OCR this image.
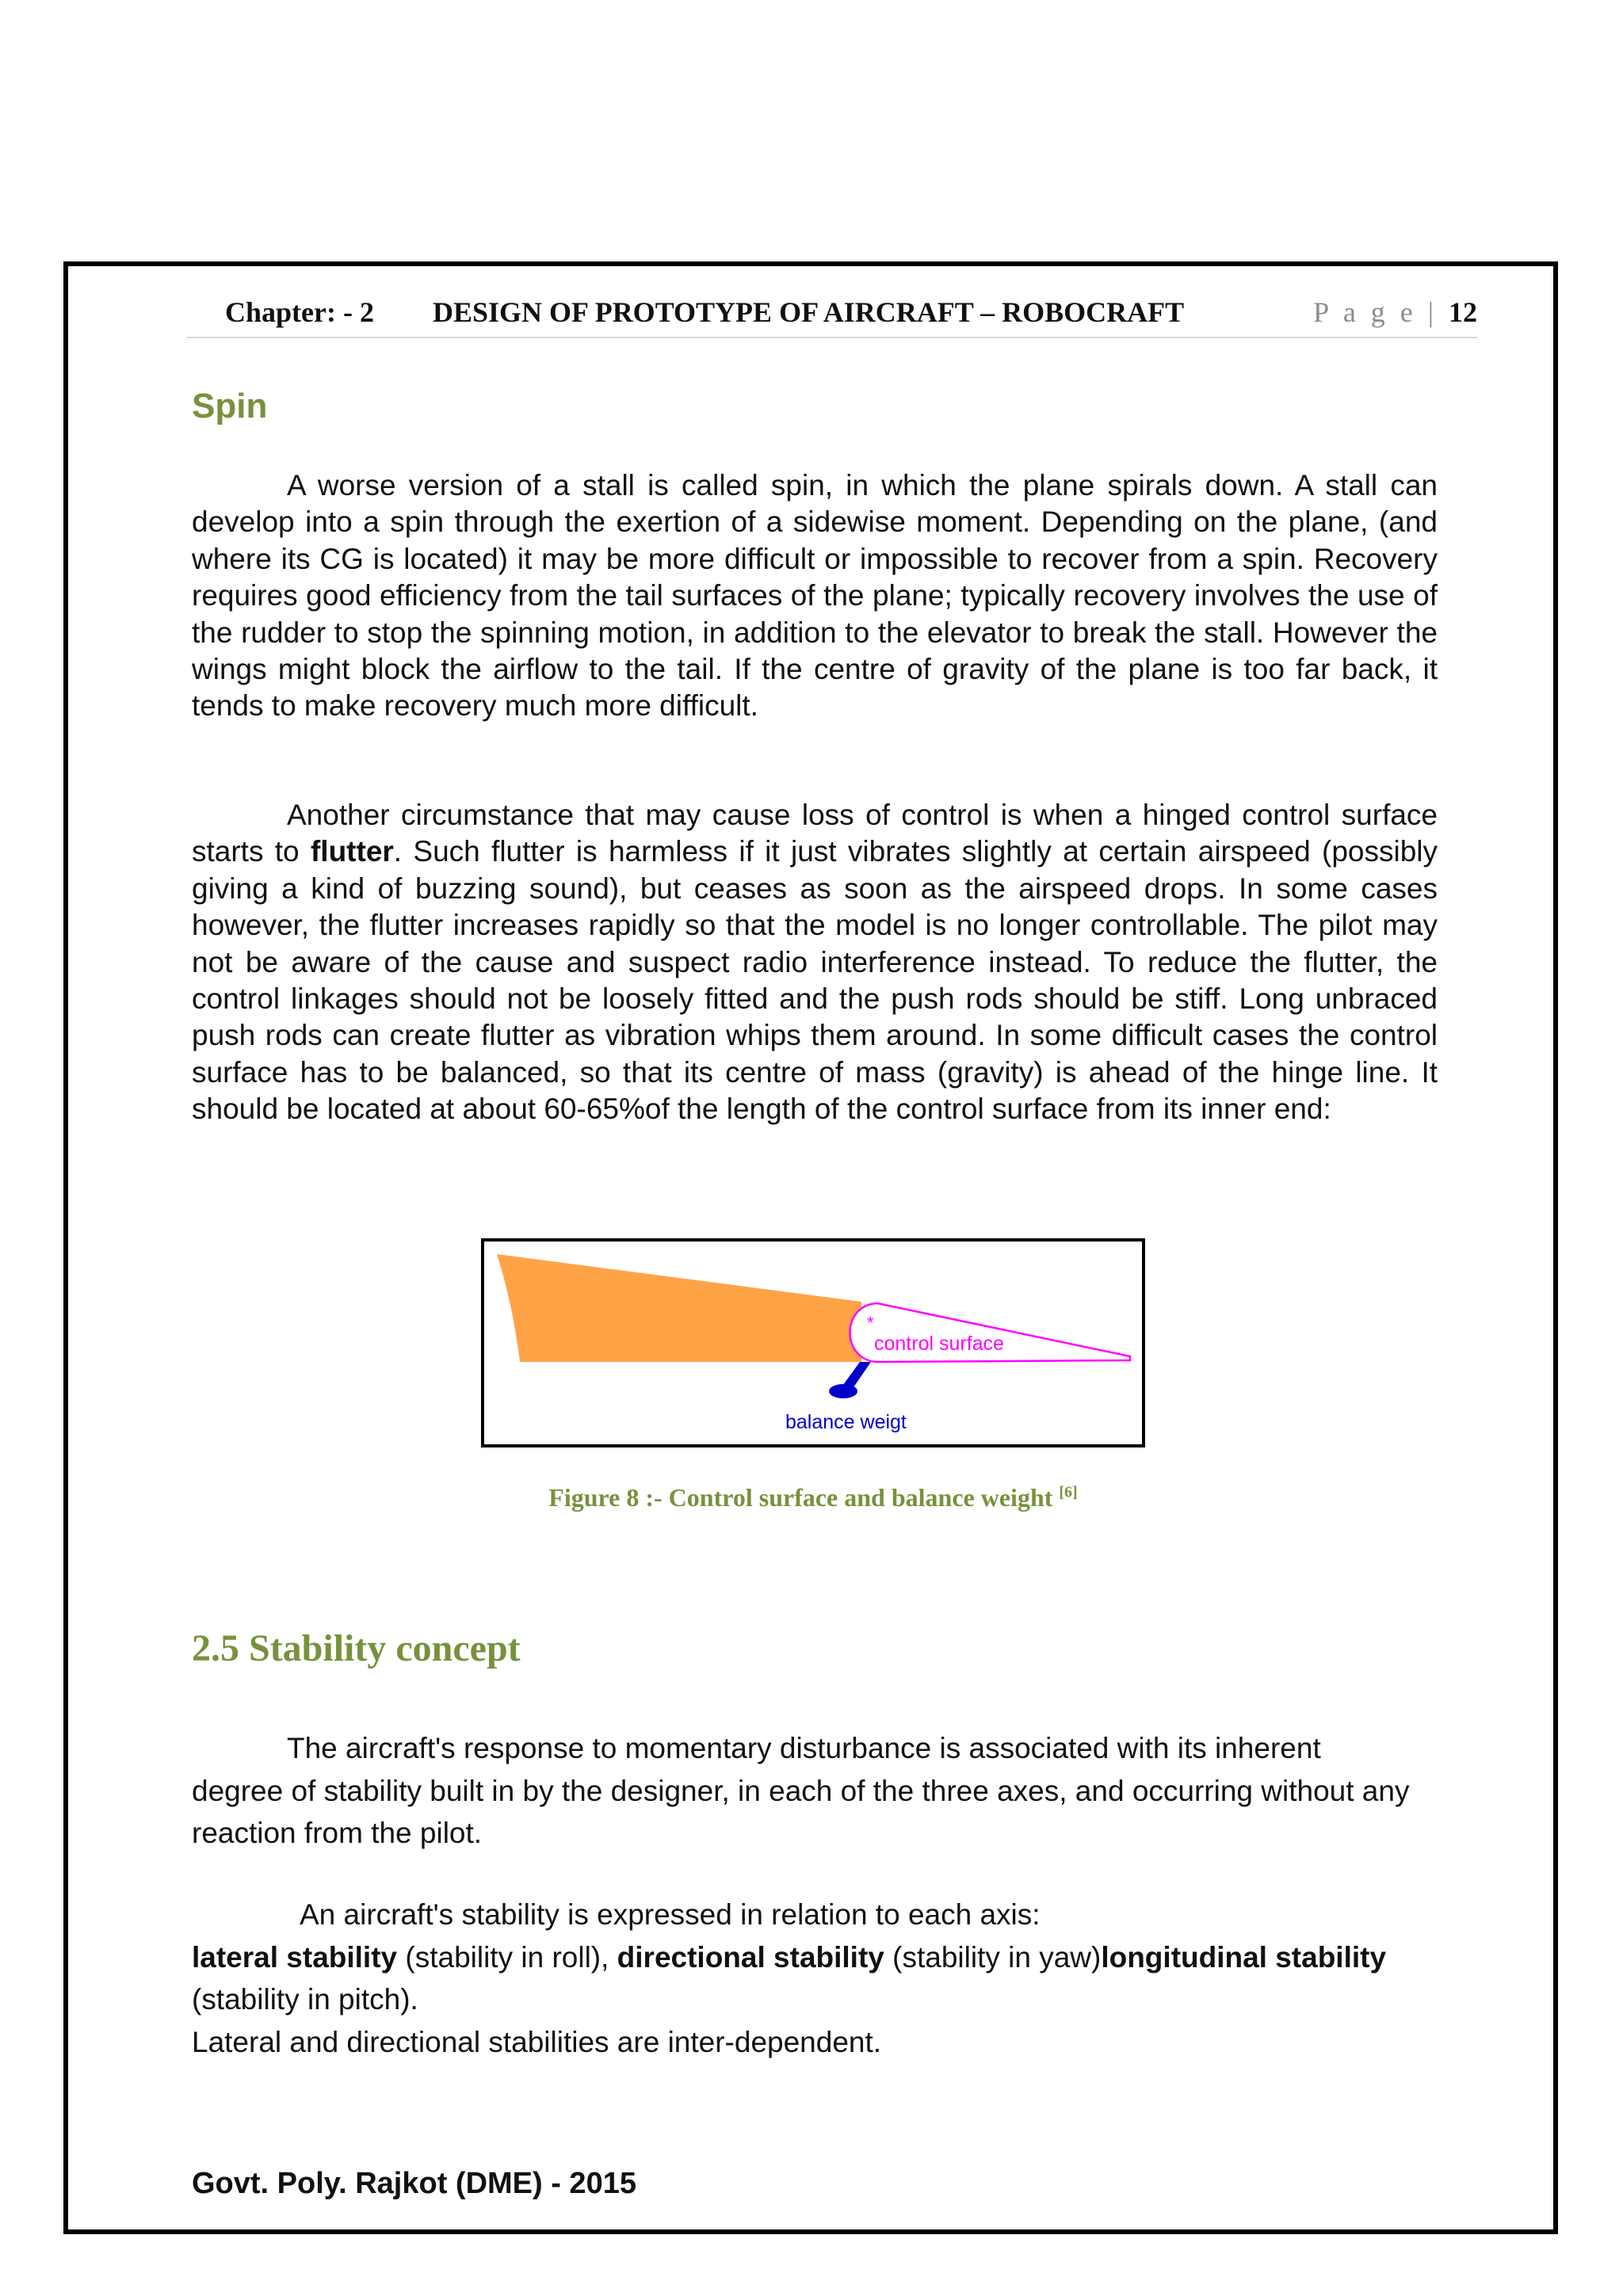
Chapter: - 2 DESIGN OF PROTOTYPE OF AIRCRAFT – ROBOCRAFT	P a g e | 12
Spin

A worse version of a stall is called spin, in which the plane spirals down. A stall can develop into a spin through the exertion of a sidewise moment. Depending on the plane, (and where its CG is located) it may be more difficult or impossible to recover from a spin. Recovery requires good efficiency from the tail surfaces of the plane; typically recovery involves the use of the rudder to stop the spinning motion, in addition to the elevator to break the stall. However the wings might block the airflow to the tail. If the centre of gravity of the plane is too far back, it tends to make recovery much more difficult.

Another circumstance that may cause loss of control is when a hinged control surface starts to flutter. Such flutter is harmless if it just vibrates slightly at certain airspeed (possibly giving a kind of buzzing sound), but ceases as soon as the airspeed drops. In some cases however, the flutter increases rapidly so that the model is no longer controllable. The pilot may not be aware of the cause and suspect radio interference instead. To reduce the flutter, the control linkages should not be loosely fitted and the push rods should be stiff. Long unbraced push rods can create flutter as vibration whips them around. In some difficult cases the control surface has to be balanced, so that its centre of mass (gravity) is ahead of the hinge line. It should be located at about 60-65%of the length of the control surface from its inner end:

*
control surface
balance weigt
Figure 8 :- Control surface and balance weight [6]
2.5 Stability concept

The aircraft's response to momentary disturbance is associated with its inherent degree of stability built in by the designer, in each of the three axes, and occurring without any reaction from the pilot.

An aircraft's stability is expressed in relation to each axis:
lateral stability (stability in roll), directional stability (stability in yaw)longitudinal stability (stability in pitch).
Lateral and directional stabilities are inter-dependent.

Govt. Poly. Rajkot (DME) - 2015
